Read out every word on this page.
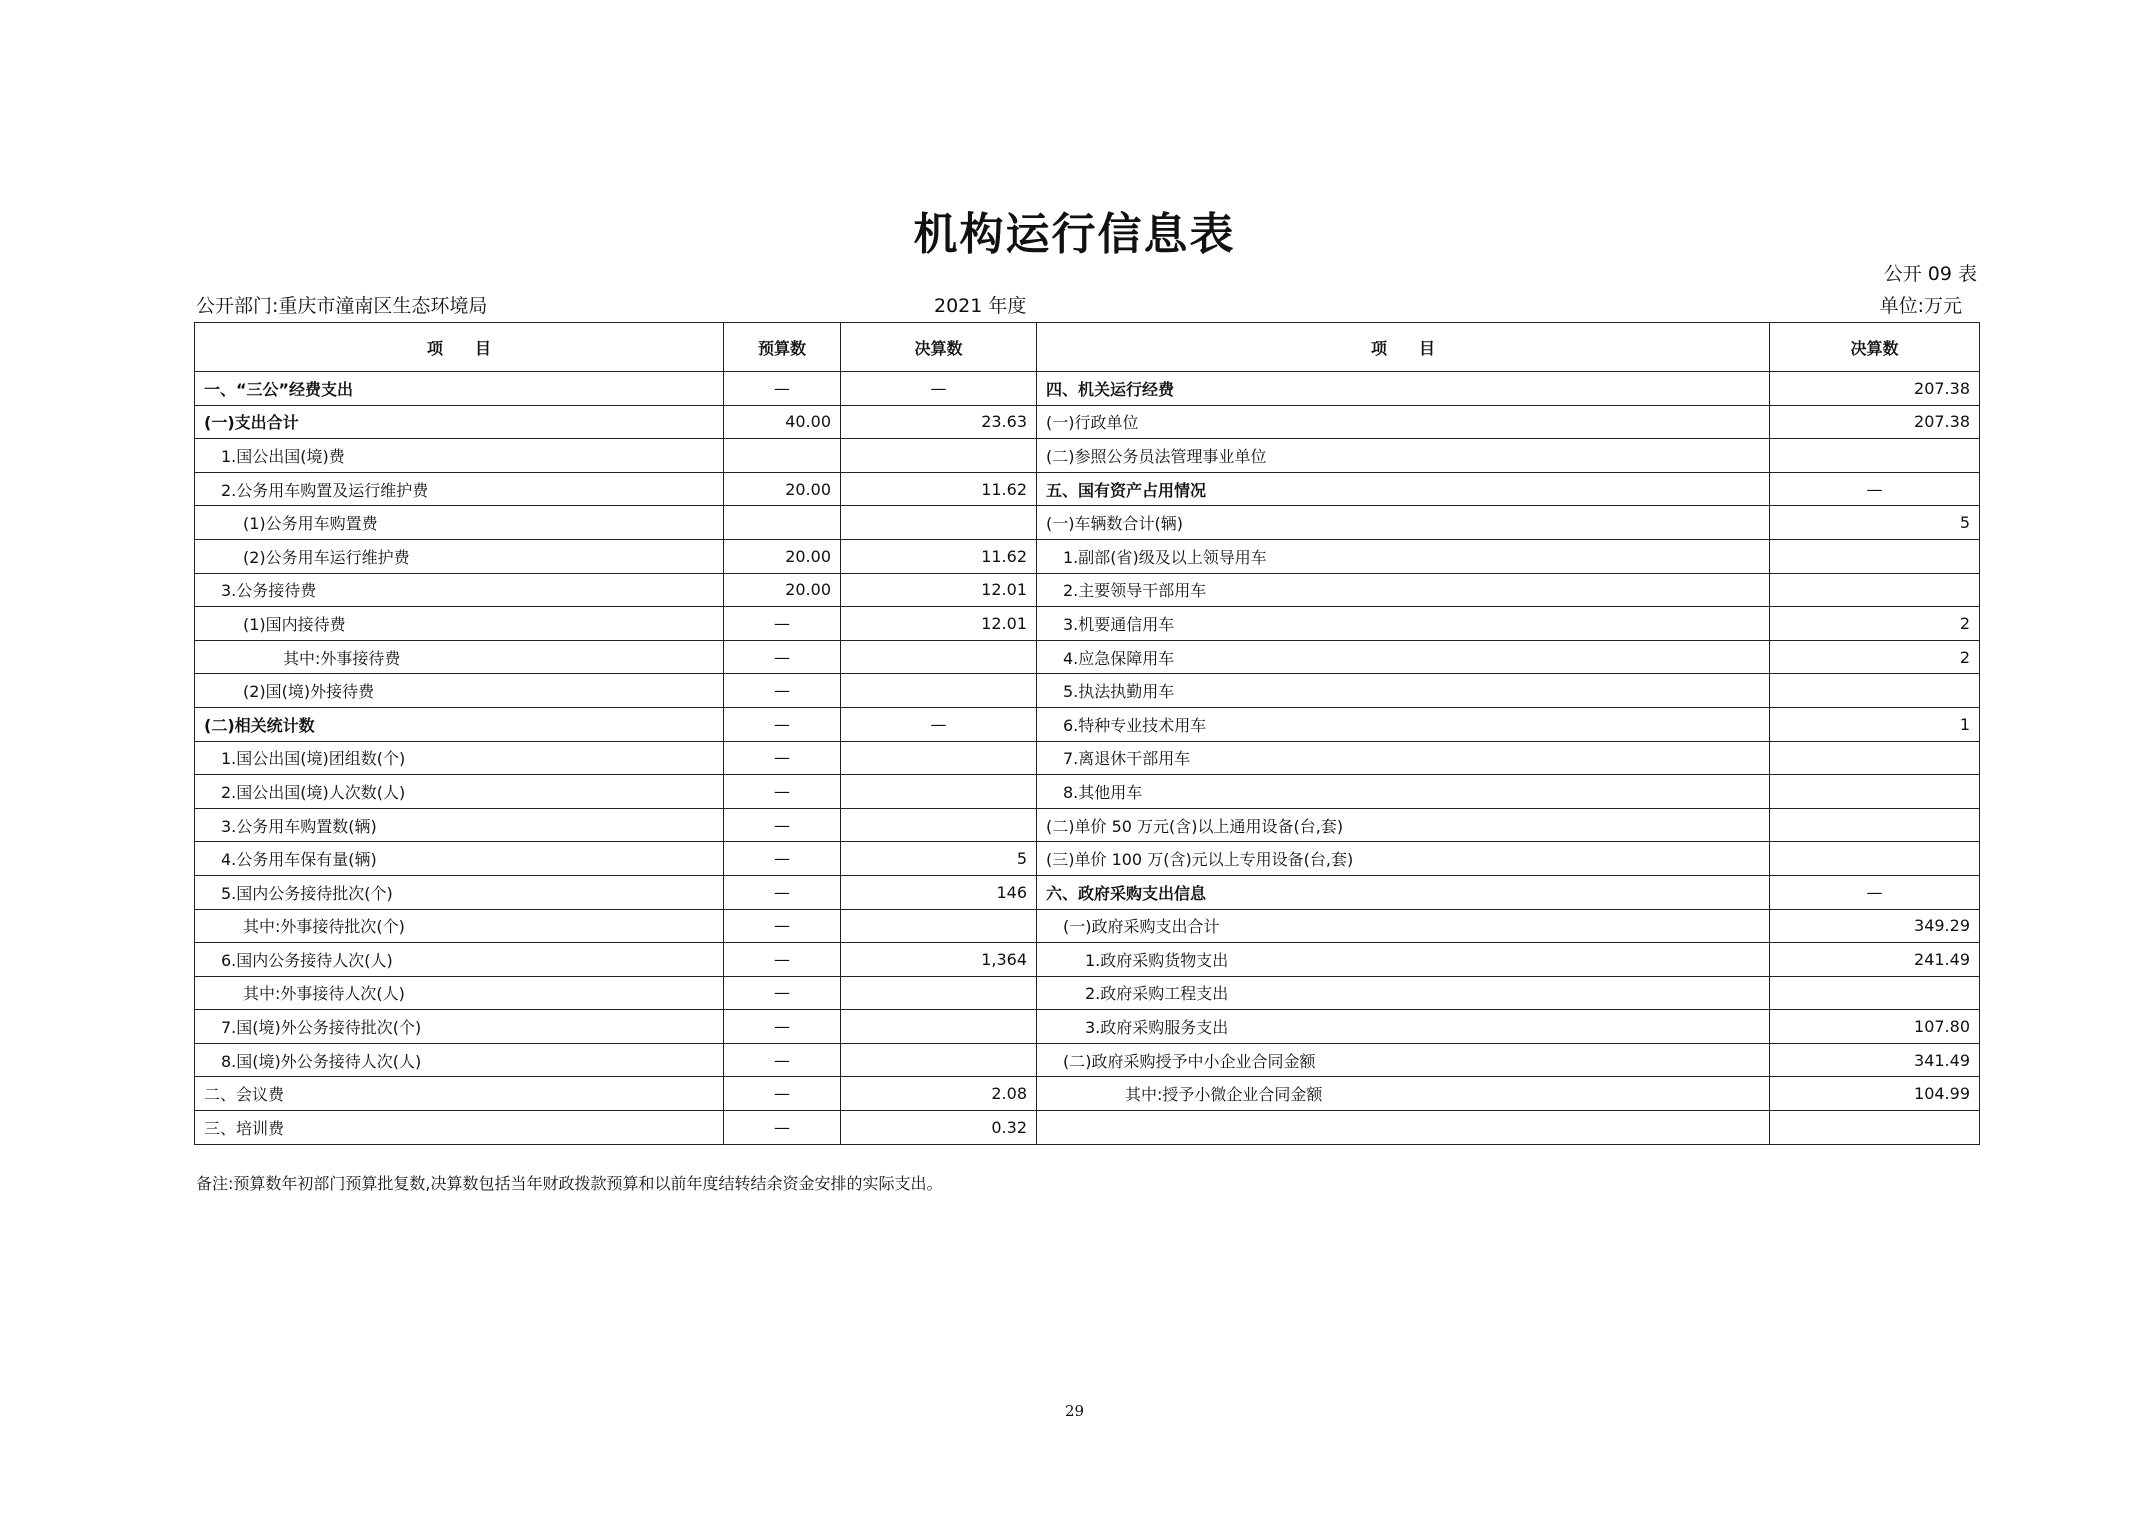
机构运行信息表
公开 09 表
公开部门:重庆市潼南区生态环境局	2021 年度	单位:万元
项　　目	预算数	决算数	项　　目	决算数
一、“三公”经费支出	—	—	四、机关运行经费	207.38
(一)支出合计	40.00	23.63	(一)行政单位	207.38
1.国公出国(境)费			(二)参照公务员法管理事业单位	
2.公务用车购置及运行维护费	20.00	11.62	五、国有资产占用情况	—
(1)公务用车购置费			(一)车辆数合计(辆)	5
(2)公务用车运行维护费	20.00	11.62	1.副部(省)级及以上领导用车	
3.公务接待费	20.00	12.01	2.主要领导干部用车	
(1)国内接待费	—	12.01	3.机要通信用车	2
其中:外事接待费	—		4.应急保障用车	2
(2)国(境)外接待费	—		5.执法执勤用车	
(二)相关统计数	—	—	6.特种专业技术用车	1
1.国公出国(境)团组数(个)	—		7.离退休干部用车	
2.国公出国(境)人次数(人)	—		8.其他用车	
3.公务用车购置数(辆)	—		(二)单价 50 万元(含)以上通用设备(台,套)	
4.公务用车保有量(辆)	—	5	(三)单价 100 万(含)元以上专用设备(台,套)	
5.国内公务接待批次(个)	—	146	六、政府采购支出信息	—
其中:外事接待批次(个)	—		(一)政府采购支出合计	349.29
6.国内公务接待人次(人)	—	1,364	1.政府采购货物支出	241.49
其中:外事接待人次(人)	—		2.政府采购工程支出	
7.国(境)外公务接待批次(个)	—		3.政府采购服务支出	107.80
8.国(境)外公务接待人次(人)	—		(二)政府采购授予中小企业合同金额	341.49
二、会议费	—	2.08	其中:授予小微企业合同金额	104.99
三、培训费	—	0.32		
备注:预算数年初部门预算批复数,决算数包括当年财政拨款预算和以前年度结转结余资金安排的实际支出。
29
